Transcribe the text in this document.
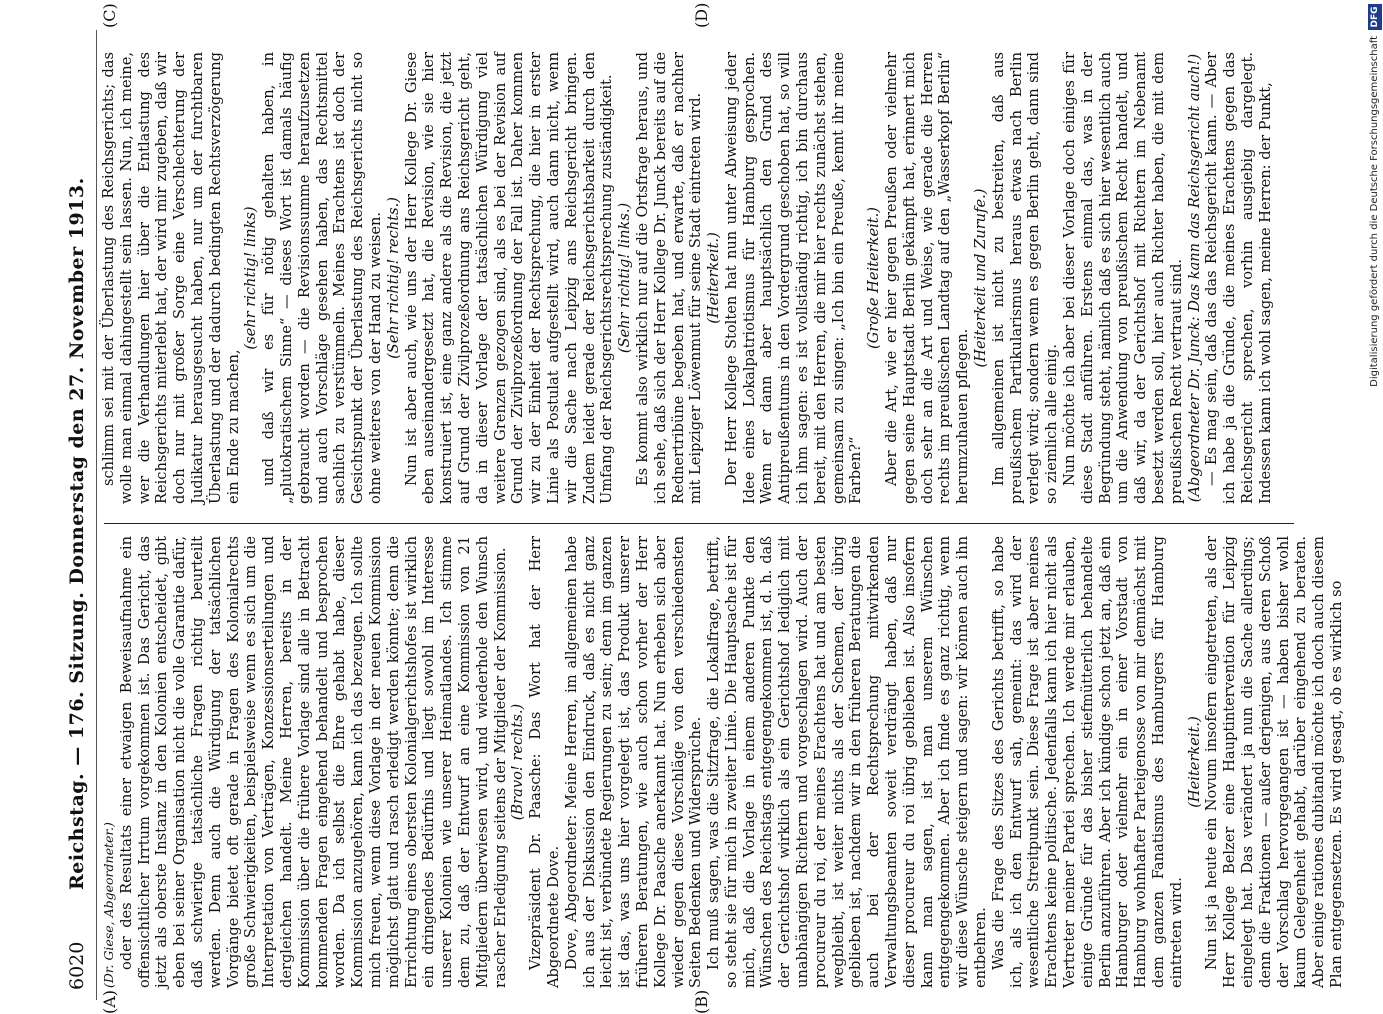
6020
Reichstag. — 176. Sitzung. Donnerstag den 27. November 1913.
(A)	(B)
(C)	(D)

(Dr. Giese, Abgeordneter.) oder des Resultats einer etwaigen Beweisaufnahme ein offensichtlicher Irrtum vorgekommen ist. Das Gericht, das jetzt als oberste Instanz in den Kolonien entscheidet, gibt eben bei seiner Organisation nicht die volle Garantie dafür, daß schwierige tatsächliche Fragen richtig beurteilt werden. Denn auch die Würdigung der tatsächlichen Vorgänge bietet oft gerade in Fragen des Kolonialrechts große Schwierigkeiten, beispielsweise wenn es sich um die Interpretation von Verträgen, Konzessionserteilungen und dergleichen handelt. Meine Herren, bereits in der Kommission über die frühere Vorlage sind alle in Betracht kommenden Fragen eingehend behandelt und besprochen worden. Da ich selbst die Ehre gehabt habe, dieser Kommission anzugehören, kann ich das bezeugen. Ich sollte mich freuen, wenn diese Vorlage in der neuen Kommission möglichst glatt und rasch erledigt werden könnte; denn die Errichtung eines obersten Kolonialgerichtshofes ist wirklich ein dringendes Bedürfnis und liegt sowohl im Interesse unserer Kolonien wie unserer Heimatlandes. Ich stimme dem zu, daß der Entwurf an eine Kommission von 21 Mitgliedern überwiesen wird, und wiederhole den Wunsch rascher Erledigung seitens der Mitglieder der Kommission. (Bravo! rechts.) Vizepräsident Dr. Paasche: Das Wort hat der Herr Abgeordnete Dove. Dove, Abgeordneter: Meine Herren, im allgemeinen habe ich aus der Diskussion den Eindruck, daß es nicht ganz leicht ist, verbündete Regierungen zu sein; denn im ganzen ist das, was uns hier vorgelegt ist, das Produkt unserer früheren Beratungen, wie auch schon vorher der Herr Kollege Dr. Paasche anerkannt hat. Nun erheben sich aber wieder gegen diese Vorschläge von den verschiedensten Seiten Bedenken und Widersprüche. Ich muß sagen, was die Sitzfrage, die Lokalfrage, betrifft, so steht sie für mich in zweiter Linie. Die Hauptsache ist für mich, daß die Vorlage in einem anderen Punkte den Wünschen des Reichstags entgegengekommen ist, d. h. daß der Gerichtshof wirklich als ein Gerichtshof lediglich mit unabhängigen Richtern und vorgeschlagen wird. Auch der procureur du roi, der meines Erachtens hat und am besten wegbleibt, ist weiter nichts als der Schemen, der übrig geblieben ist, nachdem wir in den früheren Beratungen die auch bei der Rechtsprechung mitwirkenden Verwaltungsbeamten soweit verdrängt haben, daß nur dieser procureur du roi übrig geblieben ist. Also insofern kann man sagen, ist man unserem Wünschen entgegengekommen. Aber ich finde es ganz richtig, wenn wir diese Wünsche steigern und sagen: wir können auch ihn entbehren. Was die Frage des Sitzes des Gerichts betrifft, so habe ich, als ich den Entwurf sah, gemeint: das wird der wesentliche Streitpunkt sein. Diese Frage ist aber meines Erachtens keine politische. Jedenfalls kann ich hier nicht als Vertreter meiner Partei sprechen. Ich werde mir erlauben, einige Gründe für das bisher stiefmütterlich behandelte Berlin anzuführen. Aber ich kündige schon jetzt an, daß ein Hamburger oder vielmehr ein in einer Vorstadt von Hamburg wohnhafter Parteigenosse von mir demnächst mit dem ganzen Fanatismus des Hamburgers für Hamburg eintreten wird.

(Heiterkeit.) Nun ist ja heute ein Novum insofern eingetreten, als der Herr Kollege Belzer eine Hauptintervention für Leipzig eingelegt hat. Das verändert ja nun die Sache allerdings; denn die Fraktionen — außer derjenigen, aus deren Schoß der Vorschlag hervorgegangen ist — haben bisher wohl kaum Gelegenheit gehabt, darüber eingehend zu beraten. Aber einige rationes dubitandi möchte ich doch auch diesem Plan entgegensetzen. Es wird gesagt, ob es wirklich so

schlimm sei mit der Überlastung des Reichsgerichts; das wolle man einmal dahingestellt sein lassen. Nun, ich meine, wer die Verhandlungen hier über die Entlastung des Reichsgerichts miterlebt hat, der wird mir zugeben, daß wir doch nur mit großer Sorge eine Verschlechterung der Judikatur herausgesucht haben, nur um der furchtbaren Überlastung und der dadurch bedingten Rechtsverzögerung ein Ende zu machen,

(sehr richtig! links) und daß wir es für nötig gehalten haben, in „plutokratischem Sinne“ — dieses Wort ist damals häufig gebraucht worden — die Revisionssumme heraufzusetzen und auch Vorschläge gesehen haben, das Rechtsmittel sachlich zu verstümmeln. Meines Erachtens ist doch der Gesichtspunkt der Überlastung des Reichsgerichts nicht so ohne weiteres von der Hand zu weisen. (Sehr richtig! rechts.) Nun ist aber auch, wie uns der Herr Kollege Dr. Giese eben auseinandergesetzt hat, die Revision, wie sie hier konstruiert ist, eine ganz andere als die Revision, die jetzt auf Grund der Zivilprozeßordnung ans Reichsgericht geht, da in dieser Vorlage der tatsächlichen Würdigung viel weitere Grenzen gezogen sind, als es bei der Revision auf Grund der Zivilprozeßordnung der Fall ist. Daher kommen wir zu der Einheit der Rechtsprechung, die hier in erster Linie als Postulat aufgestellt wird, auch dann nicht, wenn wir die Sache nach Leipzig ans Reichsgericht bringen. Zudem leidet gerade der Reichsgerichtsbarkeit durch den Umfang der Reichsgerichtsrechtsprechung zuständigkeit. (Sehr richtig! links.) Es kommt also wirklich nur auf die Ortsfrage heraus, und ich sehe, daß sich der Herr Kollege Dr. Junck bereits auf die Rednertribüne begeben hat, und erwarte, daß er nachher mit Leipziger Löwenmut für seine Stadt eintreten wird. (Heiterkeit.) Der Herr Kollege Stolten hat nun unter Abweisung jeder Idee eines Lokalpatriotismus für Hamburg gesprochen. Wenn er dann aber hauptsächlich den Grund des Antipreußentums in den Vordergrund geschoben hat, so will ich ihm sagen: es ist vollständig richtig, ich bin durchaus bereit, mit den Herren, die mir hier rechts zunächst stehen, gemeinsam zu singen: „Ich bin ein Preuße, kennt ihr meine Farben?“

(Große Heiterkeit.) Aber die Art, wie er hier gegen Preußen oder vielmehr gegen seine Hauptstadt Berlin gekämpft hat, erinnert mich doch sehr an die Art und Weise, wie gerade die Herren rechts im preußischen Landtag auf den „Wasserkopf Berlin“ herumzuhauen pflegen.

(Heiterkeit und Zurufe.) Im allgemeinen ist nicht zu bestreiten, daß aus preußischem Partikularismus heraus etwas nach Berlin verlegt wird; sondern wenn es gegen Berlin geht, dann sind so ziemlich alle einig. Nun möchte ich aber bei dieser Vorlage doch einiges für diese Stadt anführen. Erstens einmal das, was in der Begründung steht, nämlich daß es sich hier wesentlich auch um die Anwendung von preußischem Recht handelt, und daß wir, da der Gerichtshof mit Richtern im Nebenamt besetzt werden soll, hier auch Richter haben, die mit dem preußischen Recht vertraut sind. (Abgeordneter Dr. Junck: Das kann das Reichsgericht auch!) — Es mag sein, daß das das Reichsgericht kann. — Aber ich habe ja die Gründe, die meines Erachtens gegen das Reichsgericht sprechen, vorhin ausgiebig dargelegt. Indessen kann ich wohl sagen, meine Herren: der Punkt,	Digitalisierung gefördert durch die Deutsche Forschungsgemeinschaft
DFG
